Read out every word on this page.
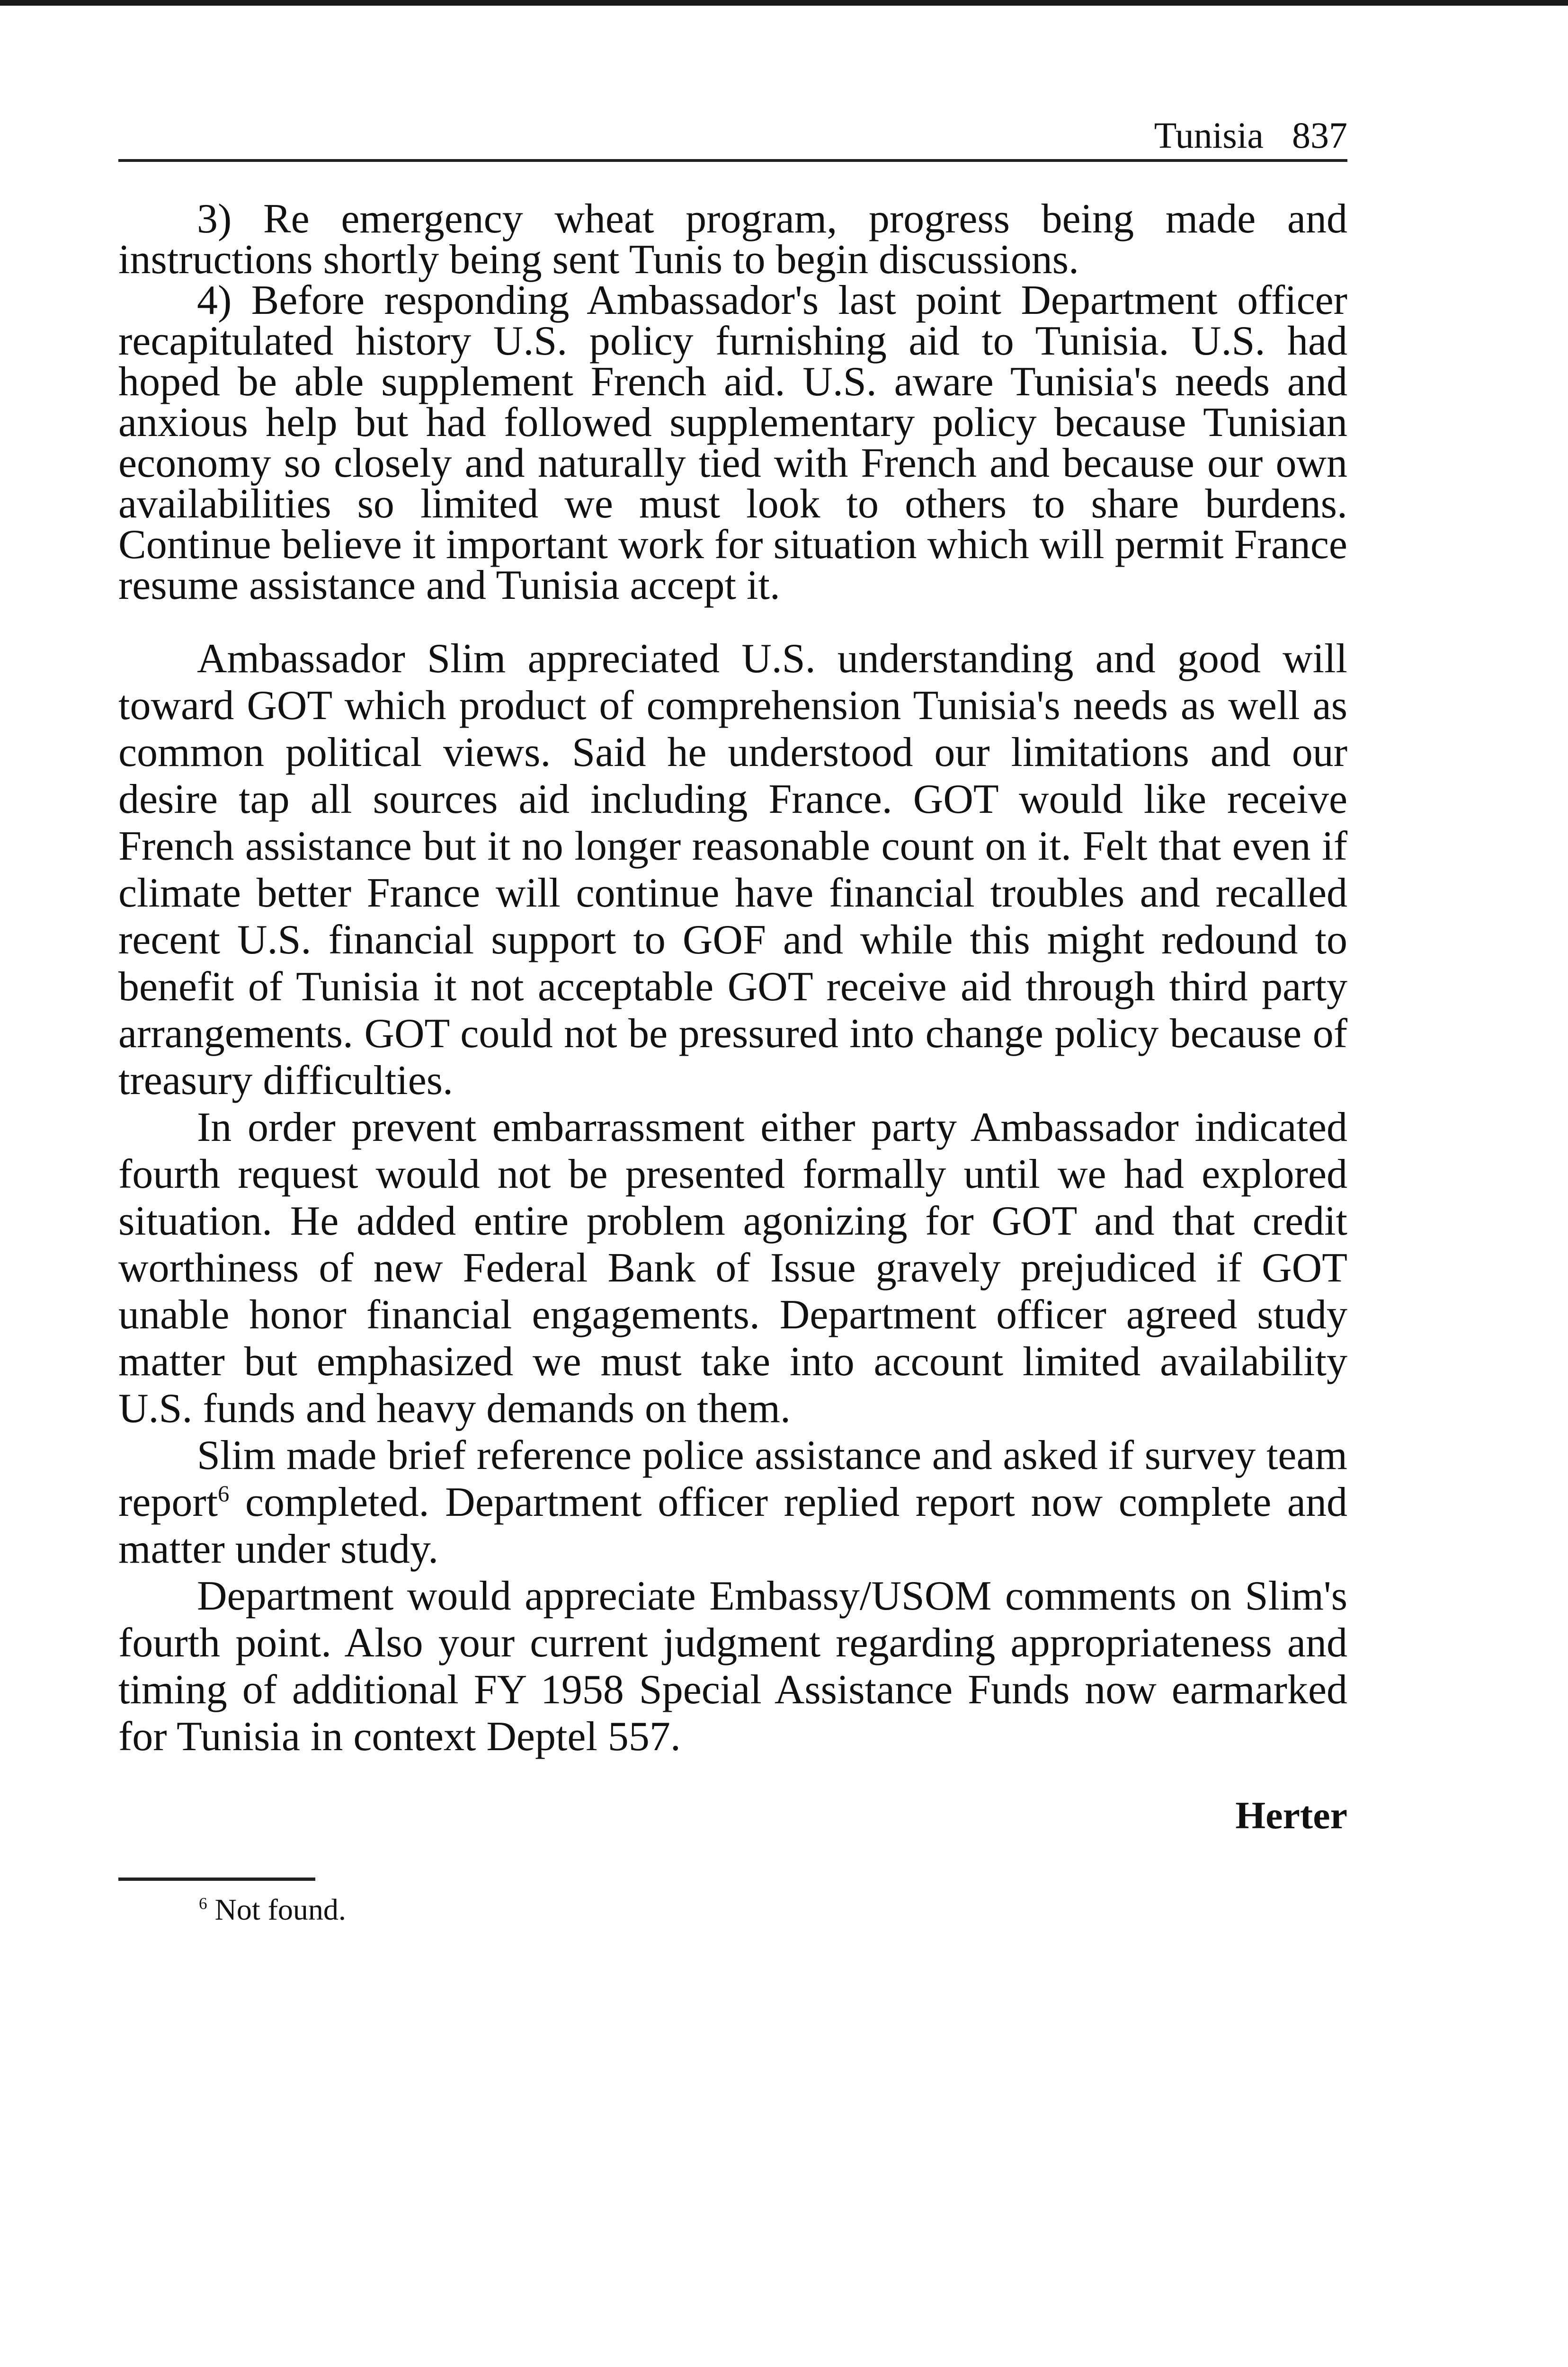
Tunisia 837

3) Re emergency wheat program, progress being made and instructions shortly being sent Tunis to begin discussions.

4) Before responding Ambassador's last point Department officer recapitulated history U.S. policy furnishing aid to Tunisia. U.S. had hoped be able supplement French aid. U.S. aware Tunisia's needs and anxious help but had followed supplementary policy because Tunisian economy so closely and naturally tied with French and because our own availabilities so limited we must look to others to share burdens. Continue believe it important work for situation which will permit France resume assistance and Tunisia accept it.

Ambassador Slim appreciated U.S. understanding and good will toward GOT which product of comprehension Tunisia's needs as well as common political views. Said he understood our limitations and our desire tap all sources aid including France. GOT would like receive French assistance but it no longer reasonable count on it. Felt that even if climate better France will continue have financial troubles and recalled recent U.S. financial support to GOF and while this might redound to benefit of Tunisia it not acceptable GOT receive aid through third party arrangements. GOT could not be pressured into change policy because of treasury difficulties.

In order prevent embarrassment either party Ambassador indicated fourth request would not be presented formally until we had explored situation. He added entire problem agonizing for GOT and that credit worthiness of new Federal Bank of Issue gravely prejudiced if GOT unable honor financial engagements. Department officer agreed study matter but emphasized we must take into account limited availability U.S. funds and heavy demands on them.

Slim made brief reference police assistance and asked if survey team report$^6$ completed. Department officer replied report now complete and matter under study.

Department would appreciate Embassy/USOM comments on Slim's fourth point. Also your current judgment regarding appropriateness and timing of additional FY 1958 Special Assistance Funds now earmarked for Tunisia in context Deptel 557.

Herter
$^6$ Not found.
